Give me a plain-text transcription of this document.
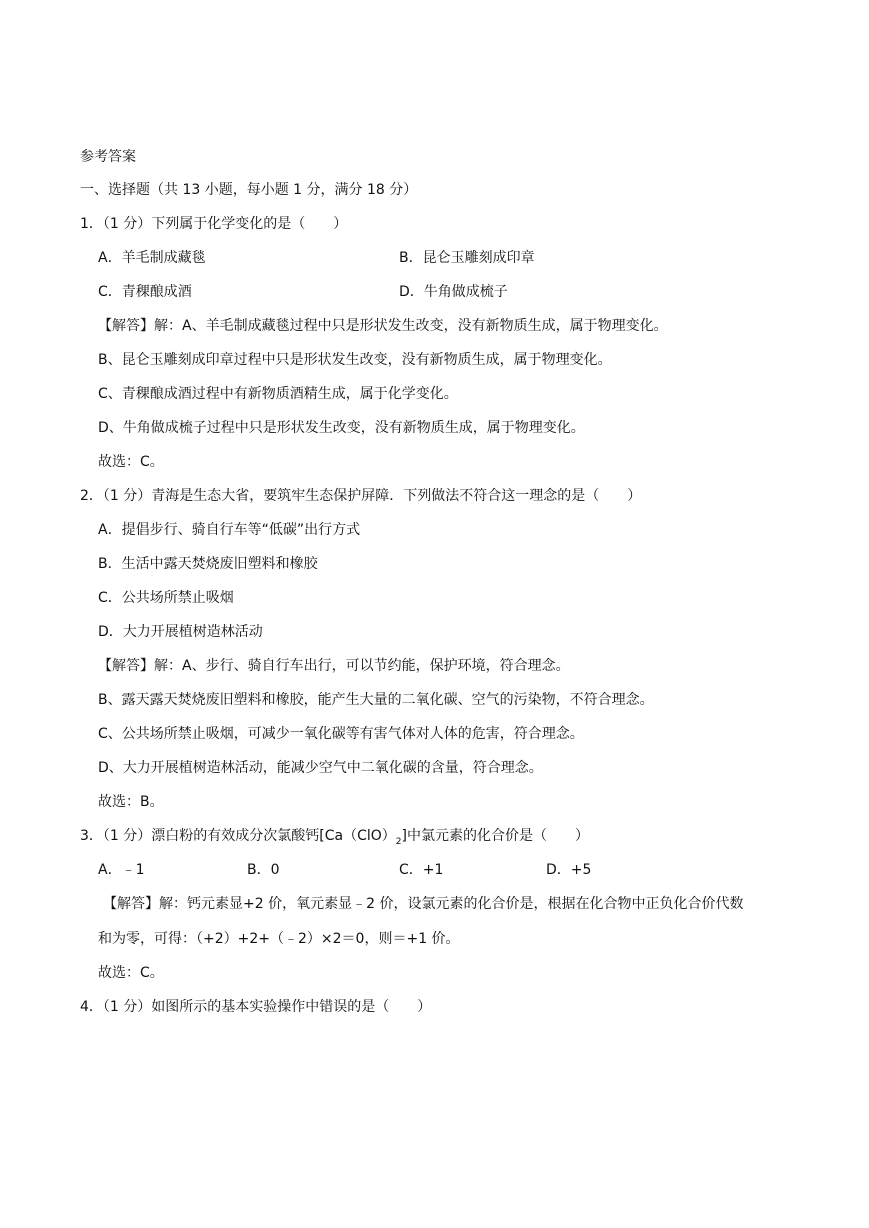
参考答案
一、选择题（共 13 小题，每小题 1 分，满分 18 分）
1．（1 分）下列属于化学变化的是（　　）
A．羊毛制成藏毯	B．昆仑玉雕刻成印章
C．青稞酿成酒	D．牛角做成梳子
【解答】解：A、羊毛制成藏毯过程中只是形状发生改变，没有新物质生成，属于物理变化。
B、昆仑玉雕刻成印章过程中只是形状发生改变，没有新物质生成，属于物理变化。
C、青稞酿成酒过程中有新物质酒精生成，属于化学变化。
D、牛角做成梳子过程中只是形状发生改变，没有新物质生成，属于物理变化。
故选：C。
2．（1 分）青海是生态大省，要筑牢生态保护屏障．下列做法不符合这一理念的是（　　）
A．提倡步行、骑自行车等“低碳”出行方式
B．生活中露天焚烧废旧塑料和橡胶
C．公共场所禁止吸烟
D．大力开展植树造林活动
【解答】解：A、步行、骑自行车出行，可以节约能，保护环境，符合理念。
B、露天露天焚烧废旧塑料和橡胶，能产生大量的二氧化碳、空气的污染物，不符合理念。
C、公共场所禁止吸烟，可减少一氧化碳等有害气体对人体的危害，符合理念。
D、大力开展植树造林活动，能减少空气中二氧化碳的含量，符合理念。
故选：B。
3．（1 分）漂白粉的有效成分次氯酸钙$[Ca(ClO)_2]$中氯元素的化合价是（　　）
A．﹣1	B．0	C．+1	D．+5
【解答】解：钙元素显+2 价，氧元素显﹣2 价，设氯元素的化合价是，根据在化合物中正负化合价代数
和为零，可得：（+2）+2+（﹣2）×2＝0，则＝+1 价。
故选：C。
4．（1 分）如图所示的基本实验操作中错误的是（　　）
